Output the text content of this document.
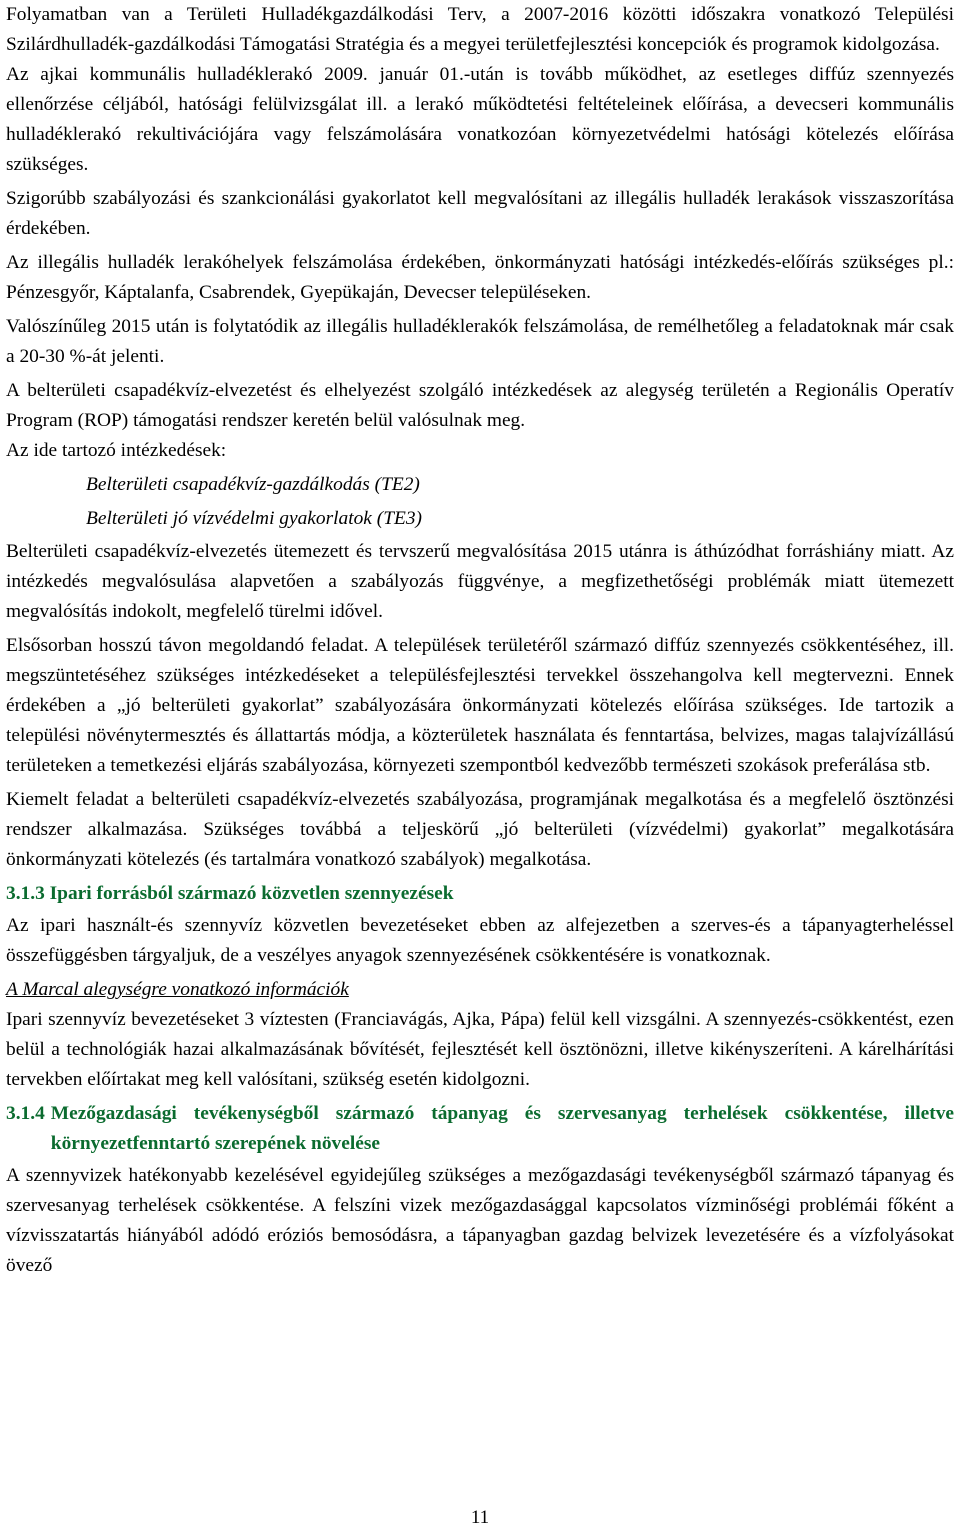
Folyamatban van a Területi Hulladékgazdálkodási Terv, a 2007-2016 közötti időszakra vonatkozó Települési Szilárdhulladék-gazdálkodási Támogatási Stratégia és a megyei területfejlesztési koncepciók és programok kidolgozása.

Az ajkai kommunális hulladéklerakó 2009. január 01.-után is tovább működhet, az esetleges diffúz szennyezés ellenőrzése céljából, hatósági felülvizsgálat ill. a lerakó működtetési feltételeinek előírása, a devecseri kommunális hulladéklerakó rekultivációjára vagy felszámolására vonatkozóan környezetvédelmi hatósági kötelezés előírása szükséges.

Szigorúbb szabályozási és szankcionálási gyakorlatot kell megvalósítani az illegális hulladék lerakások visszaszorítása érdekében.

Az illegális hulladék lerakóhelyek felszámolása érdekében, önkormányzati hatósági intézkedés-előírás szükséges pl.: Pénzesgyőr, Káptalanfa, Csabrendek, Gyepükaján, Devecser településeken.

Valószínűleg 2015 után is folytatódik az illegális hulladéklerakók felszámolása, de remélhetőleg a feladatoknak már csak a 20-30 %-át jelenti.

A belterületi csapadékvíz-elvezetést és elhelyezést szolgáló intézkedések az alegység területén a Regionális Operatív Program (ROP) támogatási rendszer keretén belül valósulnak meg.

Az ide tartozó intézkedések:

Belterületi csapadékvíz-gazdálkodás (TE2)

Belterületi jó vízvédelmi gyakorlatok (TE3)

Belterületi csapadékvíz-elvezetés ütemezett és tervszerű megvalósítása 2015 utánra is áthúzódhat forráshiány miatt. Az intézkedés megvalósulása alapvetően a szabályozás függvénye, a megfizethetőségi problémák miatt ütemezett megvalósítás indokolt, megfelelő türelmi idővel.

Elsősorban hosszú távon megoldandó feladat. A települések területéről származó diffúz szennyezés csökkentéséhez, ill. megszüntetéséhez szükséges intézkedéseket a településfejlesztési tervekkel összehangolva kell megtervezni. Ennek érdekében a „jó belterületi gyakorlat” szabályozására önkormányzati kötelezés előírása szükséges. Ide tartozik a települési növénytermesztés és állattartás módja, a közterületek használata és fenntartása, belvizes, magas talajvízállású területeken a temetkezési eljárás szabályozása, környezeti szempontból kedvezőbb természeti szokások preferálása stb.

Kiemelt feladat a belterületi csapadékvíz-elvezetés szabályozása, programjának megalkotása és a megfelelő ösztönzési rendszer alkalmazása. Szükséges továbbá a teljeskörű „jó belterületi (vízvédelmi) gyakorlat” megalkotására önkormányzati kötelezés (és tartalmára vonatkozó szabályok) megalkotása.

3.1.3 Ipari forrásból származó közvetlen szennyezések

Az ipari használt-és szennyvíz közvetlen bevezetéseket ebben az alfejezetben a szerves-és a tápanyagterheléssel összefüggésben tárgyaljuk, de a veszélyes anyagok szennyezésének csökkentésére is vonatkoznak.

A Marcal alegységre vonatkozó információk

Ipari szennyvíz bevezetéseket 3 víztesten (Franciavágás, Ajka, Pápa) felül kell vizsgálni. A szennyezés-csökkentést, ezen belül a technológiák hazai alkalmazásának bővítését, fejlesztését kell ösztönözni, illetve kikényszeríteni. A kárelhárítási tervekben előírtakat meg kell valósítani, szükség esetén kidolgozni.

3.1.4 Mezőgazdasági tevékenységből származó tápanyag és szervesanyag terhelések csökkentése, illetve környezetfenntartó szerepének növelése

A szennyvizek hatékonyabb kezelésével egyidejűleg szükséges a mezőgazdasági tevékenységből származó tápanyag és szervesanyag terhelések csökkentése. A felszíni vizek mezőgazdasággal kapcsolatos vízminőségi problémái főként a vízvisszatartás hiányából adódó eróziós bemosódásra, a tápanyagban gazdag belvizek levezetésére és a vízfolyásokat övező

11
